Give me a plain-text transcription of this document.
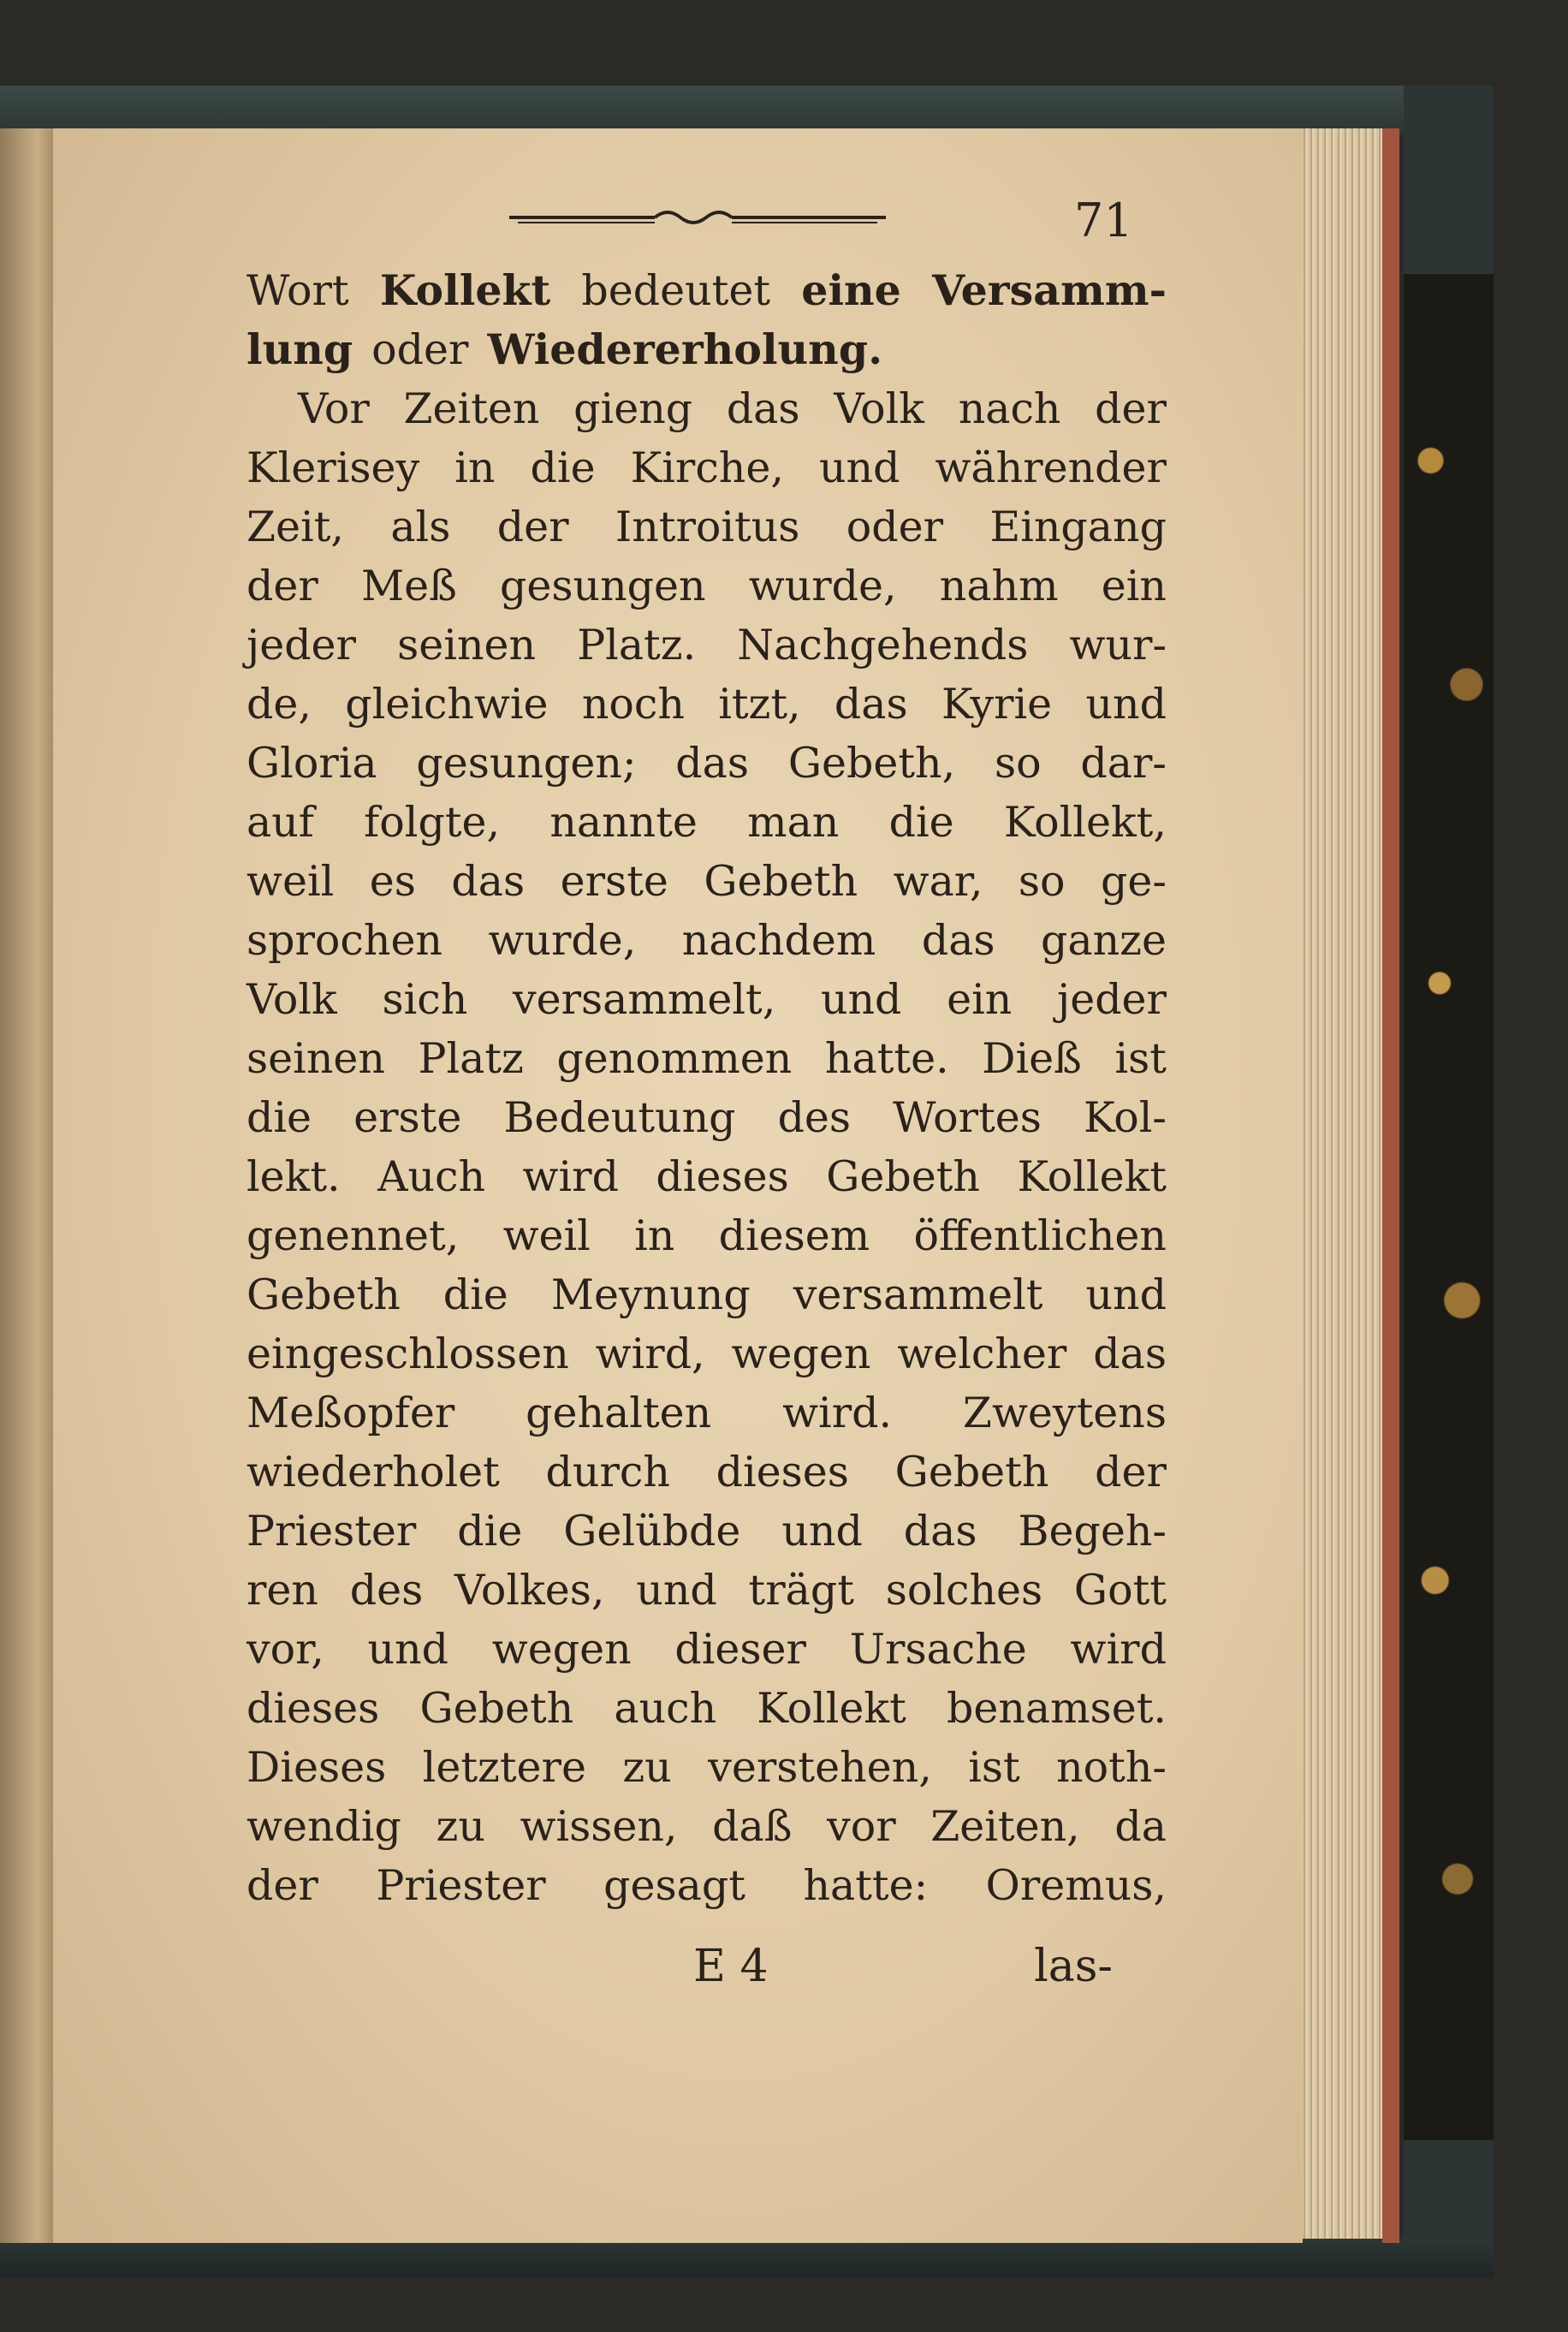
71
Wort Kollekt bedeutet eine Versamm-
lung oder Wiedererholung.
Vor Zeiten gieng das Volk nach der
Klerisey in die Kirche, und währender
Zeit, als der Introitus oder Eingang
der Meß gesungen wurde, nahm ein
jeder seinen Platz. Nachgehends wur-
de, gleichwie noch itzt, das Kyrie und
Gloria gesungen; das Gebeth, so dar-
auf folgte, nannte man die Kollekt,
weil es das erste Gebeth war, so ge-
sprochen wurde, nachdem das ganze
Volk sich versammelt, und ein jeder
seinen Platz genommen hatte. Dieß ist
die erste Bedeutung des Wortes Kol-
lekt. Auch wird dieses Gebeth Kollekt
genennet, weil in diesem öffentlichen
Gebeth die Meynung versammelt und
eingeschlossen wird, wegen welcher das
Meßopfer gehalten wird. Zweytens
wiederholet durch dieses Gebeth der
Priester die Gelübde und das Begeh-
ren des Volkes, und trägt solches Gott
vor, und wegen dieser Ursache wird
dieses Gebeth auch Kollekt benamset.
Dieses letztere zu verstehen, ist noth-
wendig zu wissen, daß vor Zeiten, da
der Priester gesagt hatte: Oremus,
E 4	las-
